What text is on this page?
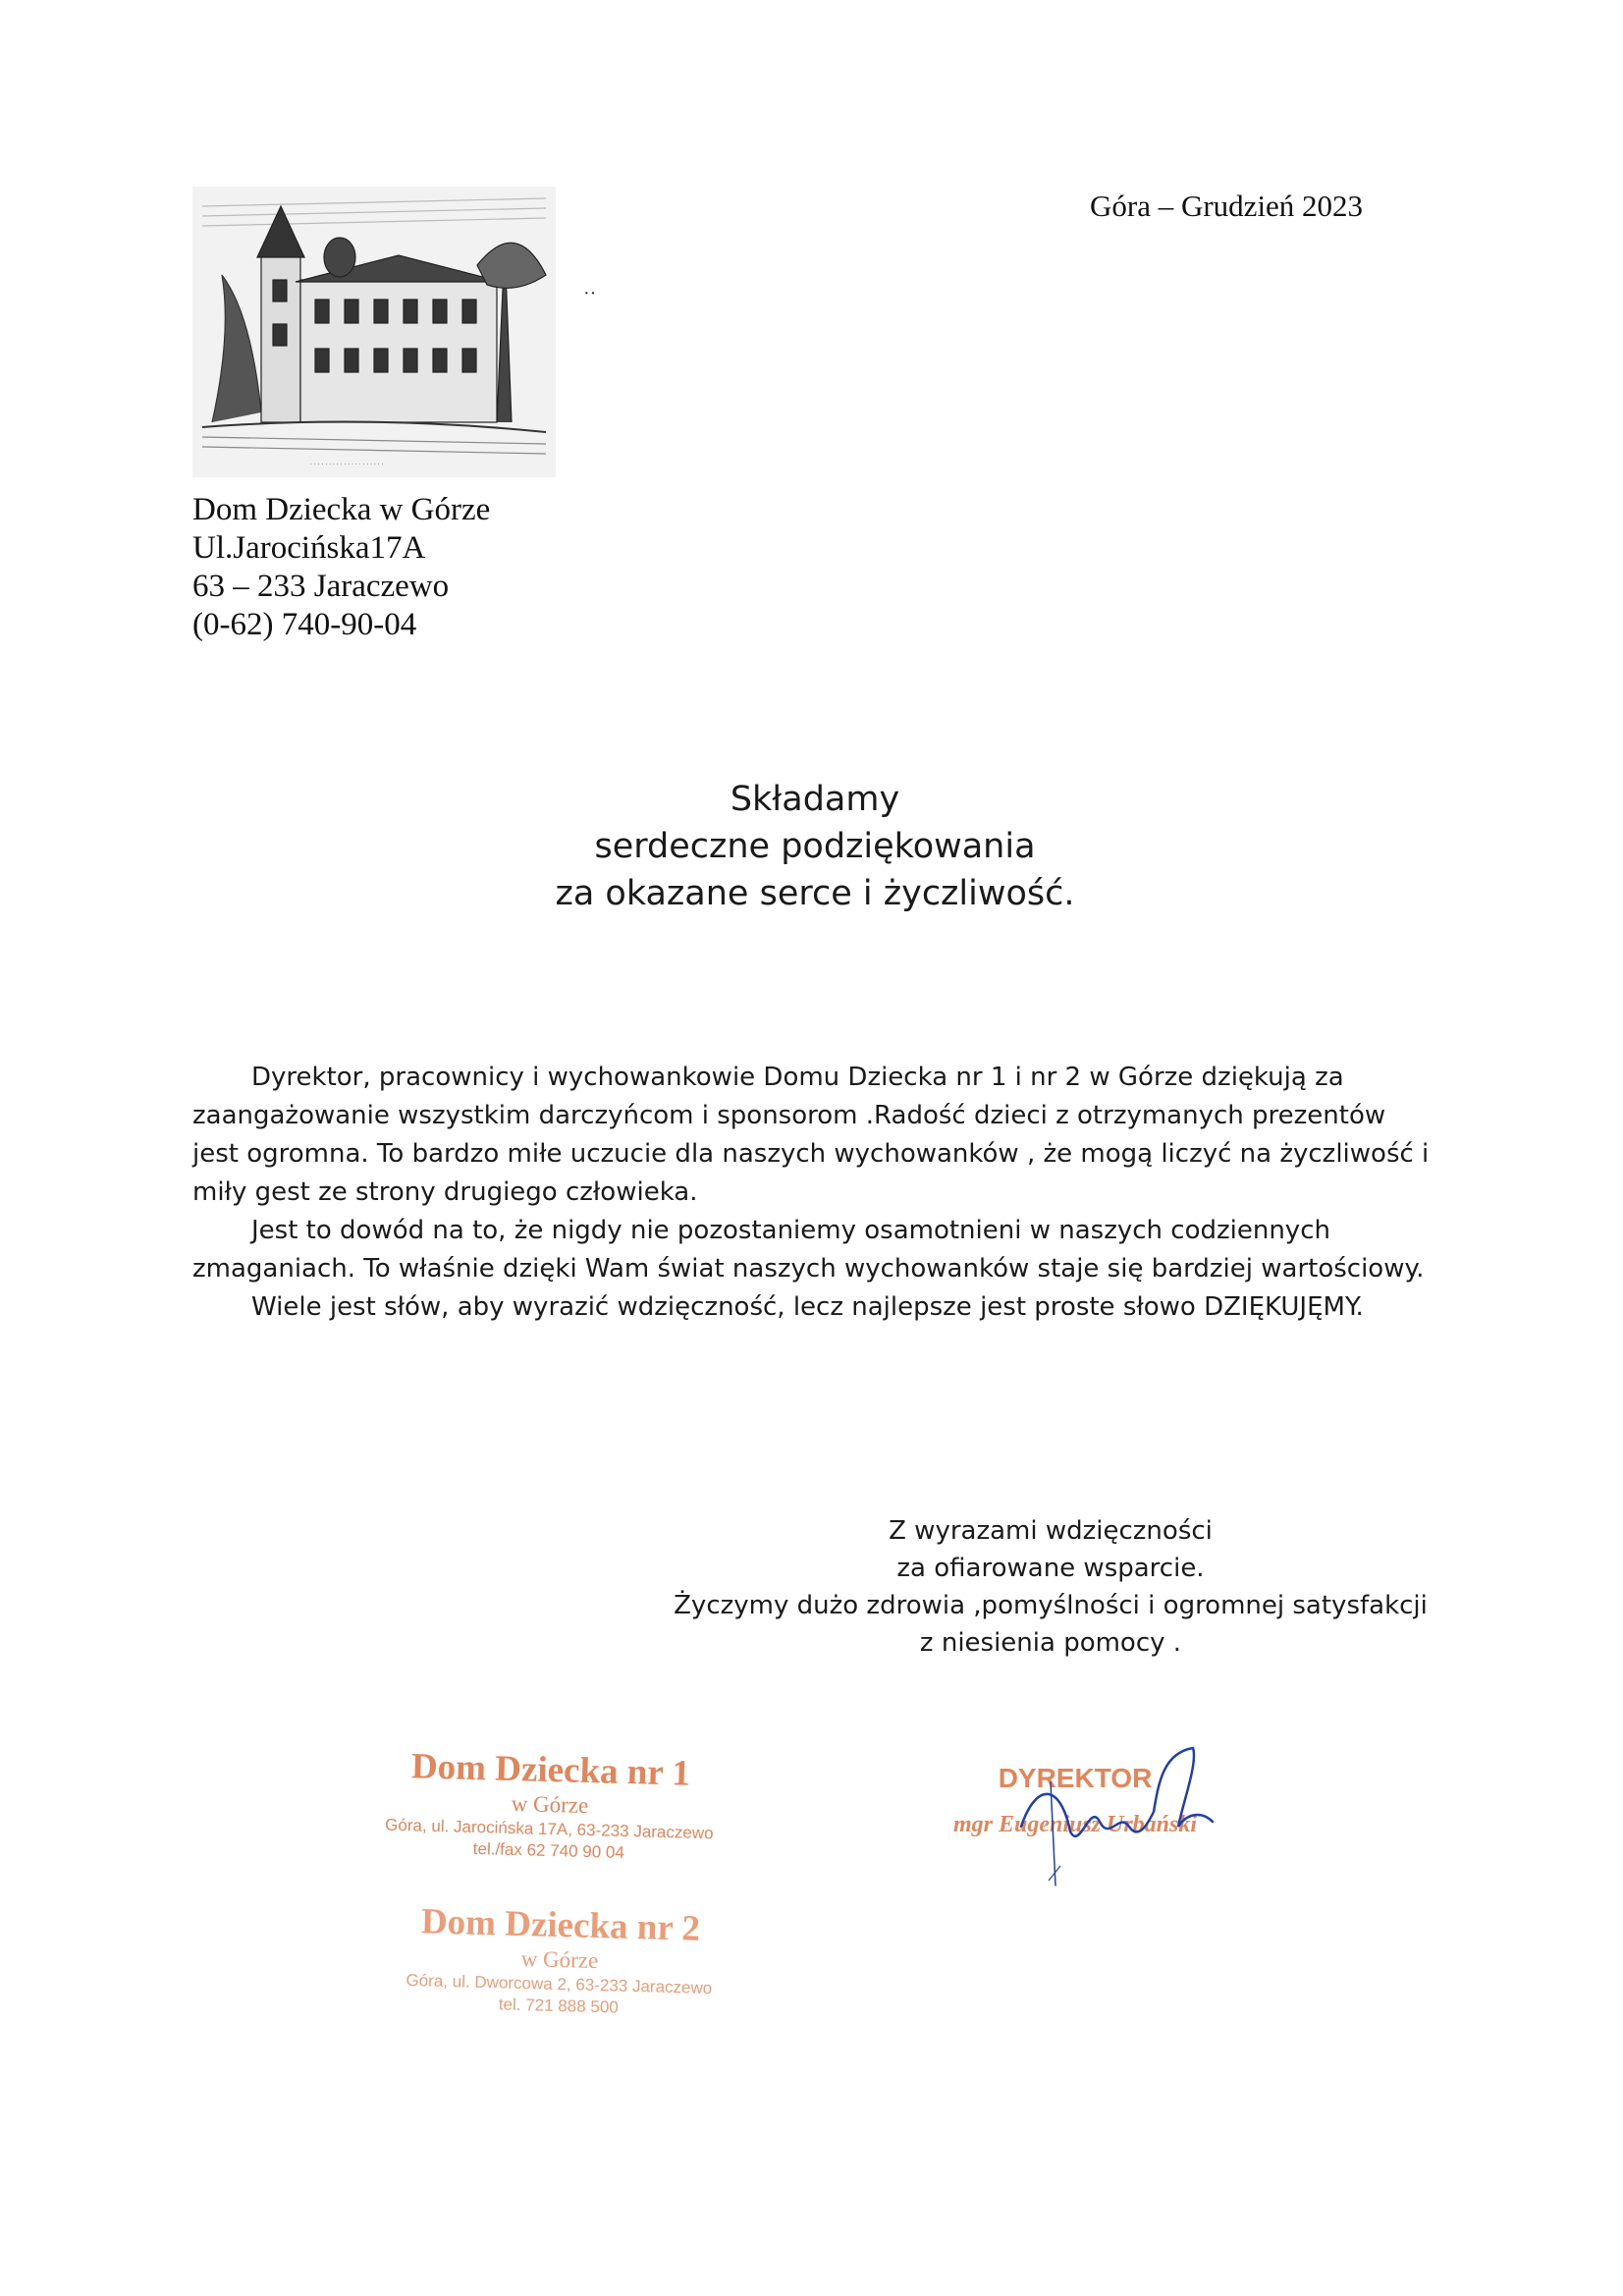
· · · · · · · · · · · · · · · · · · · ·
··
Góra – Grudzień 2023
Dom Dziecka w Górze
Ul.Jarocińska17A
63 – 233 Jaraczewo
(0-62) 740-90-04
Składamy
serdeczne podziękowania
za okazane serce i życzliwość.

Dyrektor, pracownicy i wychowankowie Domu Dziecka nr 1 i nr 2 w Górze dziękują za zaangażowanie wszystkim darczyńcom i sponsorom .Radość dzieci z otrzymanych prezentów jest ogromna. To bardzo miłe uczucie dla naszych wychowanków , że mogą liczyć na życzliwość i miły gest ze strony drugiego człowieka.

Jest to dowód na to, że nigdy nie pozostaniemy osamotnieni w naszych codziennych zmaganiach. To właśnie dzięki Wam świat naszych wychowanków staje się bardziej wartościowy.

Wiele jest słów, aby wyrazić wdzięczność, lecz najlepsze jest proste słowo DZIĘKUJĘMY.

Z wyrazami wdzięczności
za ofiarowane wsparcie.
Życzymy dużo zdrowia ,pomyślności i ogromnej satysfakcji
z niesienia pomocy .
Dom Dziecka nr 1
w Górze
Góra, ul. Jarocińska 17A, 63-233 Jaraczewo
tel./fax 62 740 90 04
Dom Dziecka nr 2
w Górze
Góra, ul. Dworcowa 2, 63-233 Jaraczewo
tel. 721 888 500
DYREKTOR
mgr Eugeniusz Urbański
